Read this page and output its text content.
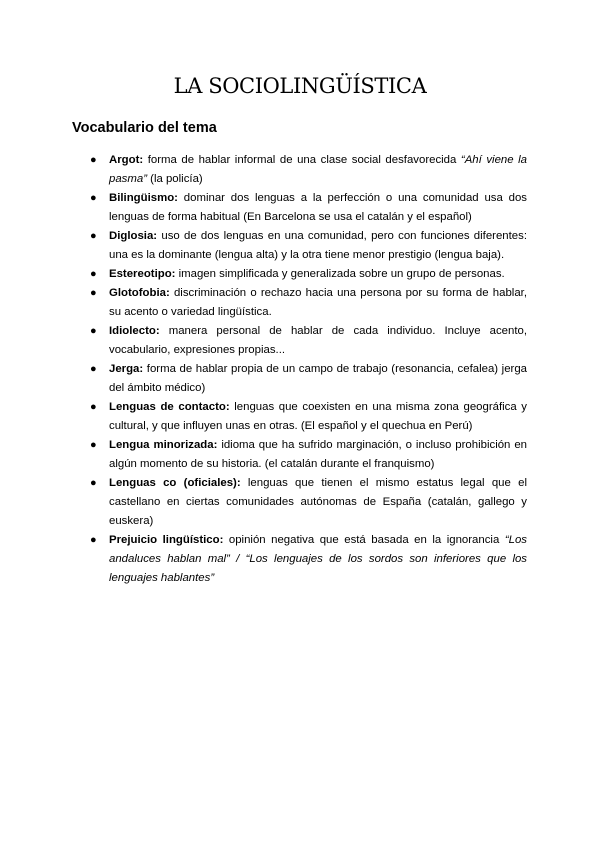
LA SOCIOLINGÜÍSTICA
Vocabulario del tema
● Argot: forma de hablar informal de una clase social desfavorecida “Ahí viene la pasma” (la policía)
● Bilingüismo: dominar dos lenguas a la perfección o una comunidad usa dos lenguas de forma habitual (En Barcelona se usa el catalán y el español)
● Diglosia: uso de dos lenguas en una comunidad, pero con funciones diferentes: una es la dominante (lengua alta) y la otra tiene menor prestigio (lengua baja).
● Estereotipo: imagen simplificada y generalizada sobre un grupo de personas.
● Glotofobia: discriminación o rechazo hacia una persona por su forma de hablar, su acento o variedad lingüística.
● Idiolecto: manera personal de hablar de cada individuo. Incluye acento, vocabulario, expresiones propias...
● Jerga: forma de hablar propia de un campo de trabajo (resonancia, cefalea) jerga del ámbito médico)
● Lenguas de contacto: lenguas que coexisten en una misma zona geográfica y cultural, y que influyen unas en otras. (El español y el quechua en Perú)
● Lengua minorizada: idioma que ha sufrido marginación, o incluso prohibición en algún momento de su historia. (el catalán durante el franquismo)
● Lenguas co (oficiales): lenguas que tienen el mismo estatus legal que el castellano en ciertas comunidades autónomas de España (catalán, gallego y euskera)
● Prejuicio lingüístico: opinión negativa que está basada en la ignorancia “Los andaluces hablan mal” / “Los lenguajes de los sordos son inferiores que los lenguajes hablantes”
